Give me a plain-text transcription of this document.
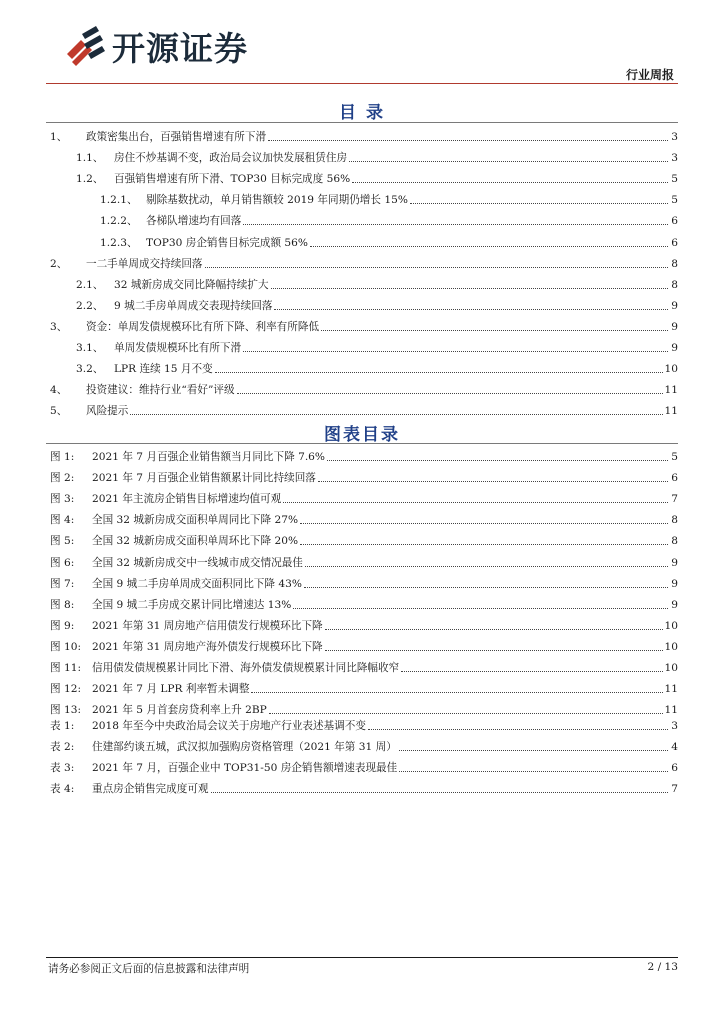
开源证券
行业周报
目 录
1、	政策密集出台，百强销售增速有所下滑	3
1.1、 房住不炒基调不变，政治局会议加快发展租赁住房	3
1.2、 百强销售增速有所下滑、TOP30 目标完成度 56%	5
1.2.1、 剔除基数扰动，单月销售额较 2019 年同期仍增长 15%	5
1.2.2、 各梯队增速均有回落	6
1.2.3、 TOP30 房企销售目标完成额 56%	6
2、	一二手单周成交持续回落	8
2.1、 32 城新房成交同比降幅持续扩大	8
2.2、 9 城二手房单周成交表现持续回落	9
3、	资金：单周发债规模环比有所下降、利率有所降低	9
3.1、 单周发债规模环比有所下滑	9
3.2、 LPR 连续 15 月不变	10
4、	投资建议：维持行业“看好”评级	11
5、	风险提示	11
图表目录
图 1:	2021 年 7 月百强企业销售额当月同比下降 7.6%	5
图 2:	2021 年 7 月百强企业销售额累计同比持续回落	6
图 3:	2021 年主流房企销售目标增速均值可观	7
图 4:	全国 32 城新房成交面积单周同比下降 27%	8
图 5:	全国 32 城新房成交面积单周环比下降 20%	8
图 6:	全国 32 城新房成交中一线城市成交情况最佳	9
图 7:	全国 9 城二手房单周成交面积同比下降 43%	9
图 8:	全国 9 城二手房成交累计同比增速达 13%	9
图 9:	2021 年第 31 周房地产信用债发行规模环比下降	10
图 10:	2021 年第 31 周房地产海外债发行规模环比下降	10
图 11:	信用债发债规模累计同比下滑、海外债发债规模累计同比降幅收窄	10
图 12:	2021 年 7 月 LPR 利率暂未调整	11
图 13:	2021 年 5 月首套房贷利率上升 2BP	11
表 1:	2018 年至今中央政治局会议关于房地产行业表述基调不变	3
表 2:	住建部约谈五城，武汉拟加强购房资格管理（2021 年第 31 周）	4
表 3:	2021 年 7 月，百强企业中 TOP31-50 房企销售额增速表现最佳	6
表 4:	重点房企销售完成度可观	7
请务必参阅正文后面的信息披露和法律声明	2 / 13
